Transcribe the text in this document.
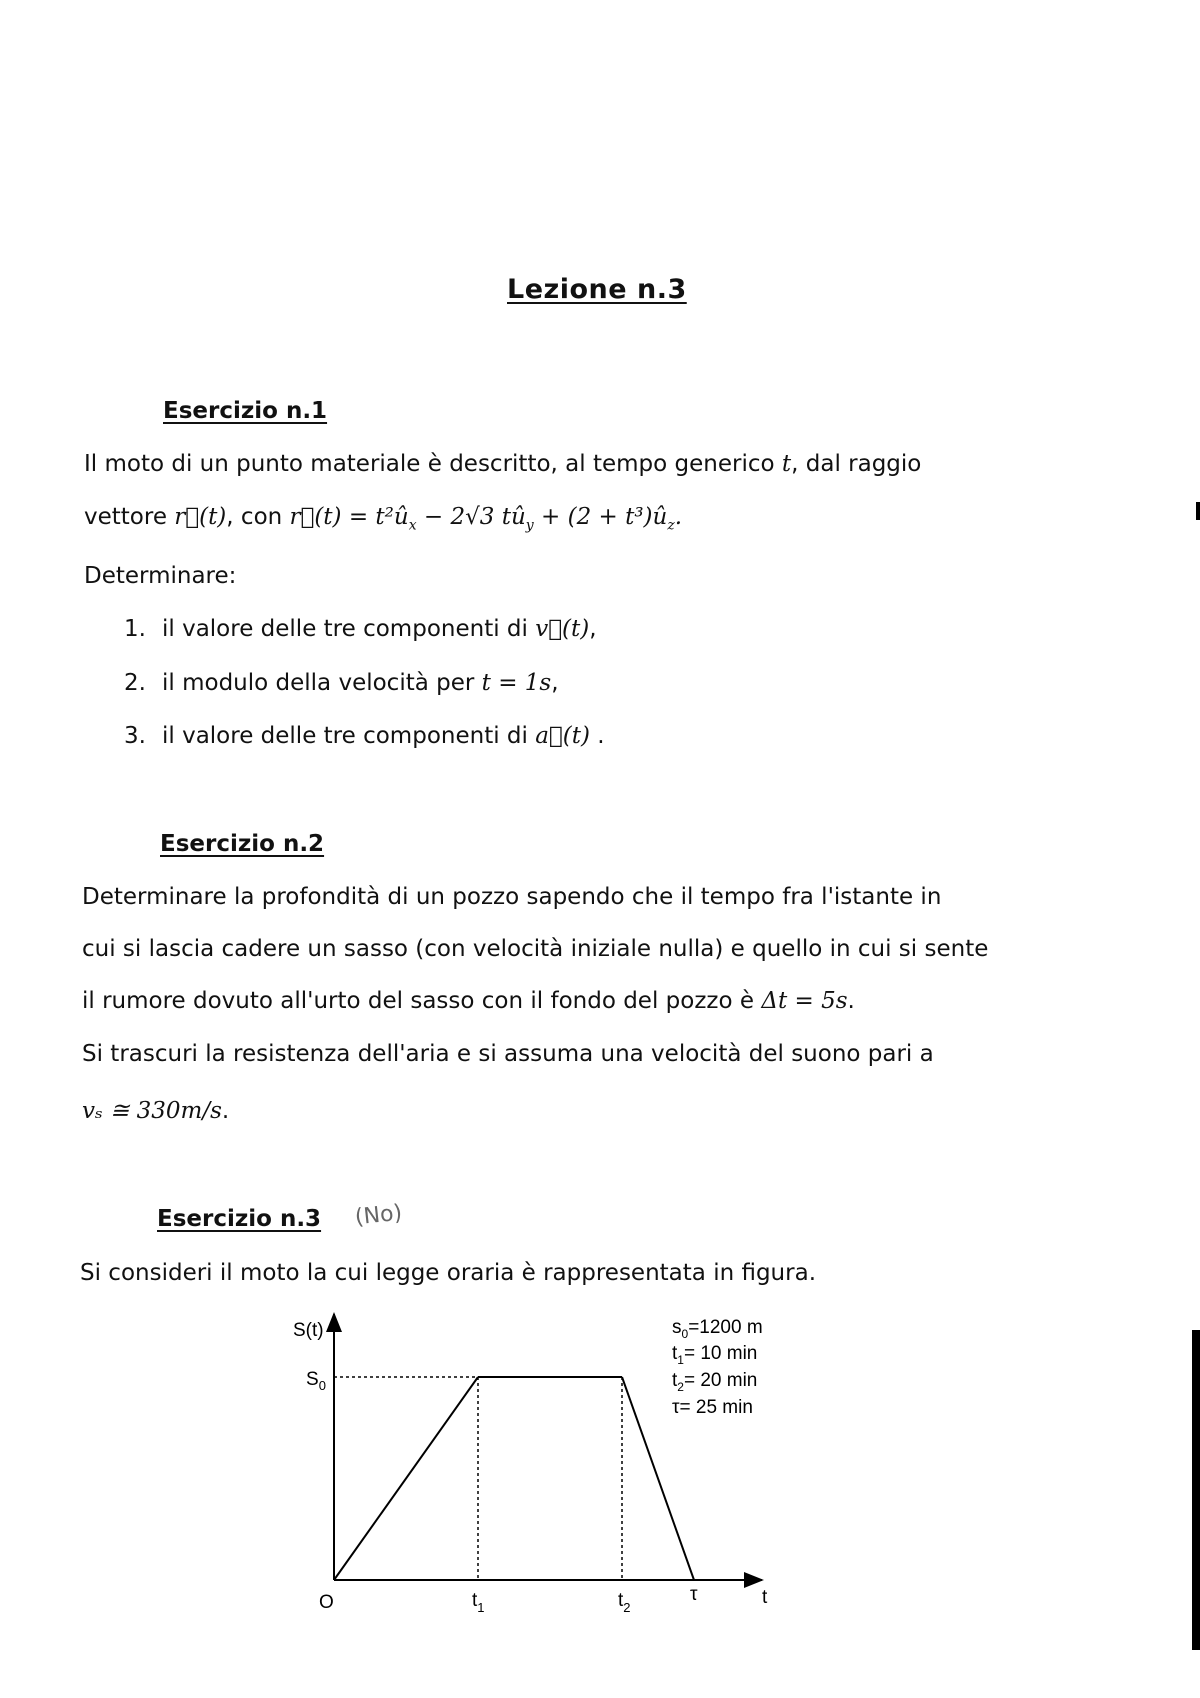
Lezione n.3
Esercizio n.1
Il moto di un punto materiale è descritto, al tempo generico t, dal raggio
vettore r⃗(t), con r⃗(t) = $t^2û_x - 2√3$ $tû_y + (2$ + $t^3)û_z$.
Determinare:
1. il valore delle tre componenti di v⃗(t),
2. il modulo della velocità per t = 1s,
3. il valore delle tre componenti di a⃗(t) .
Esercizio n.2
Determinare la profondità di un pozzo sapendo che il tempo fra l'istante in
cui si lascia cadere un sasso (con velocità iniziale nulla) e quello in cui si sente
il rumore dovuto all'urto del sasso con il fondo del pozzo è Δt = 5s.
Si trascuri la resistenza dell'aria e si assuma una velocità del suono pari a
vₛ ≅ 330m/s.
Esercizio n.3 (No)
Si consideri il moto la cui legge oraria è rappresentata in figura.
S(t)
$S_0$
O	$t_1$	$t_2$
τ	t
$s_0=1200$ m
$t_1= 10$ min
$t_2= 20$ min
τ= 25 min
